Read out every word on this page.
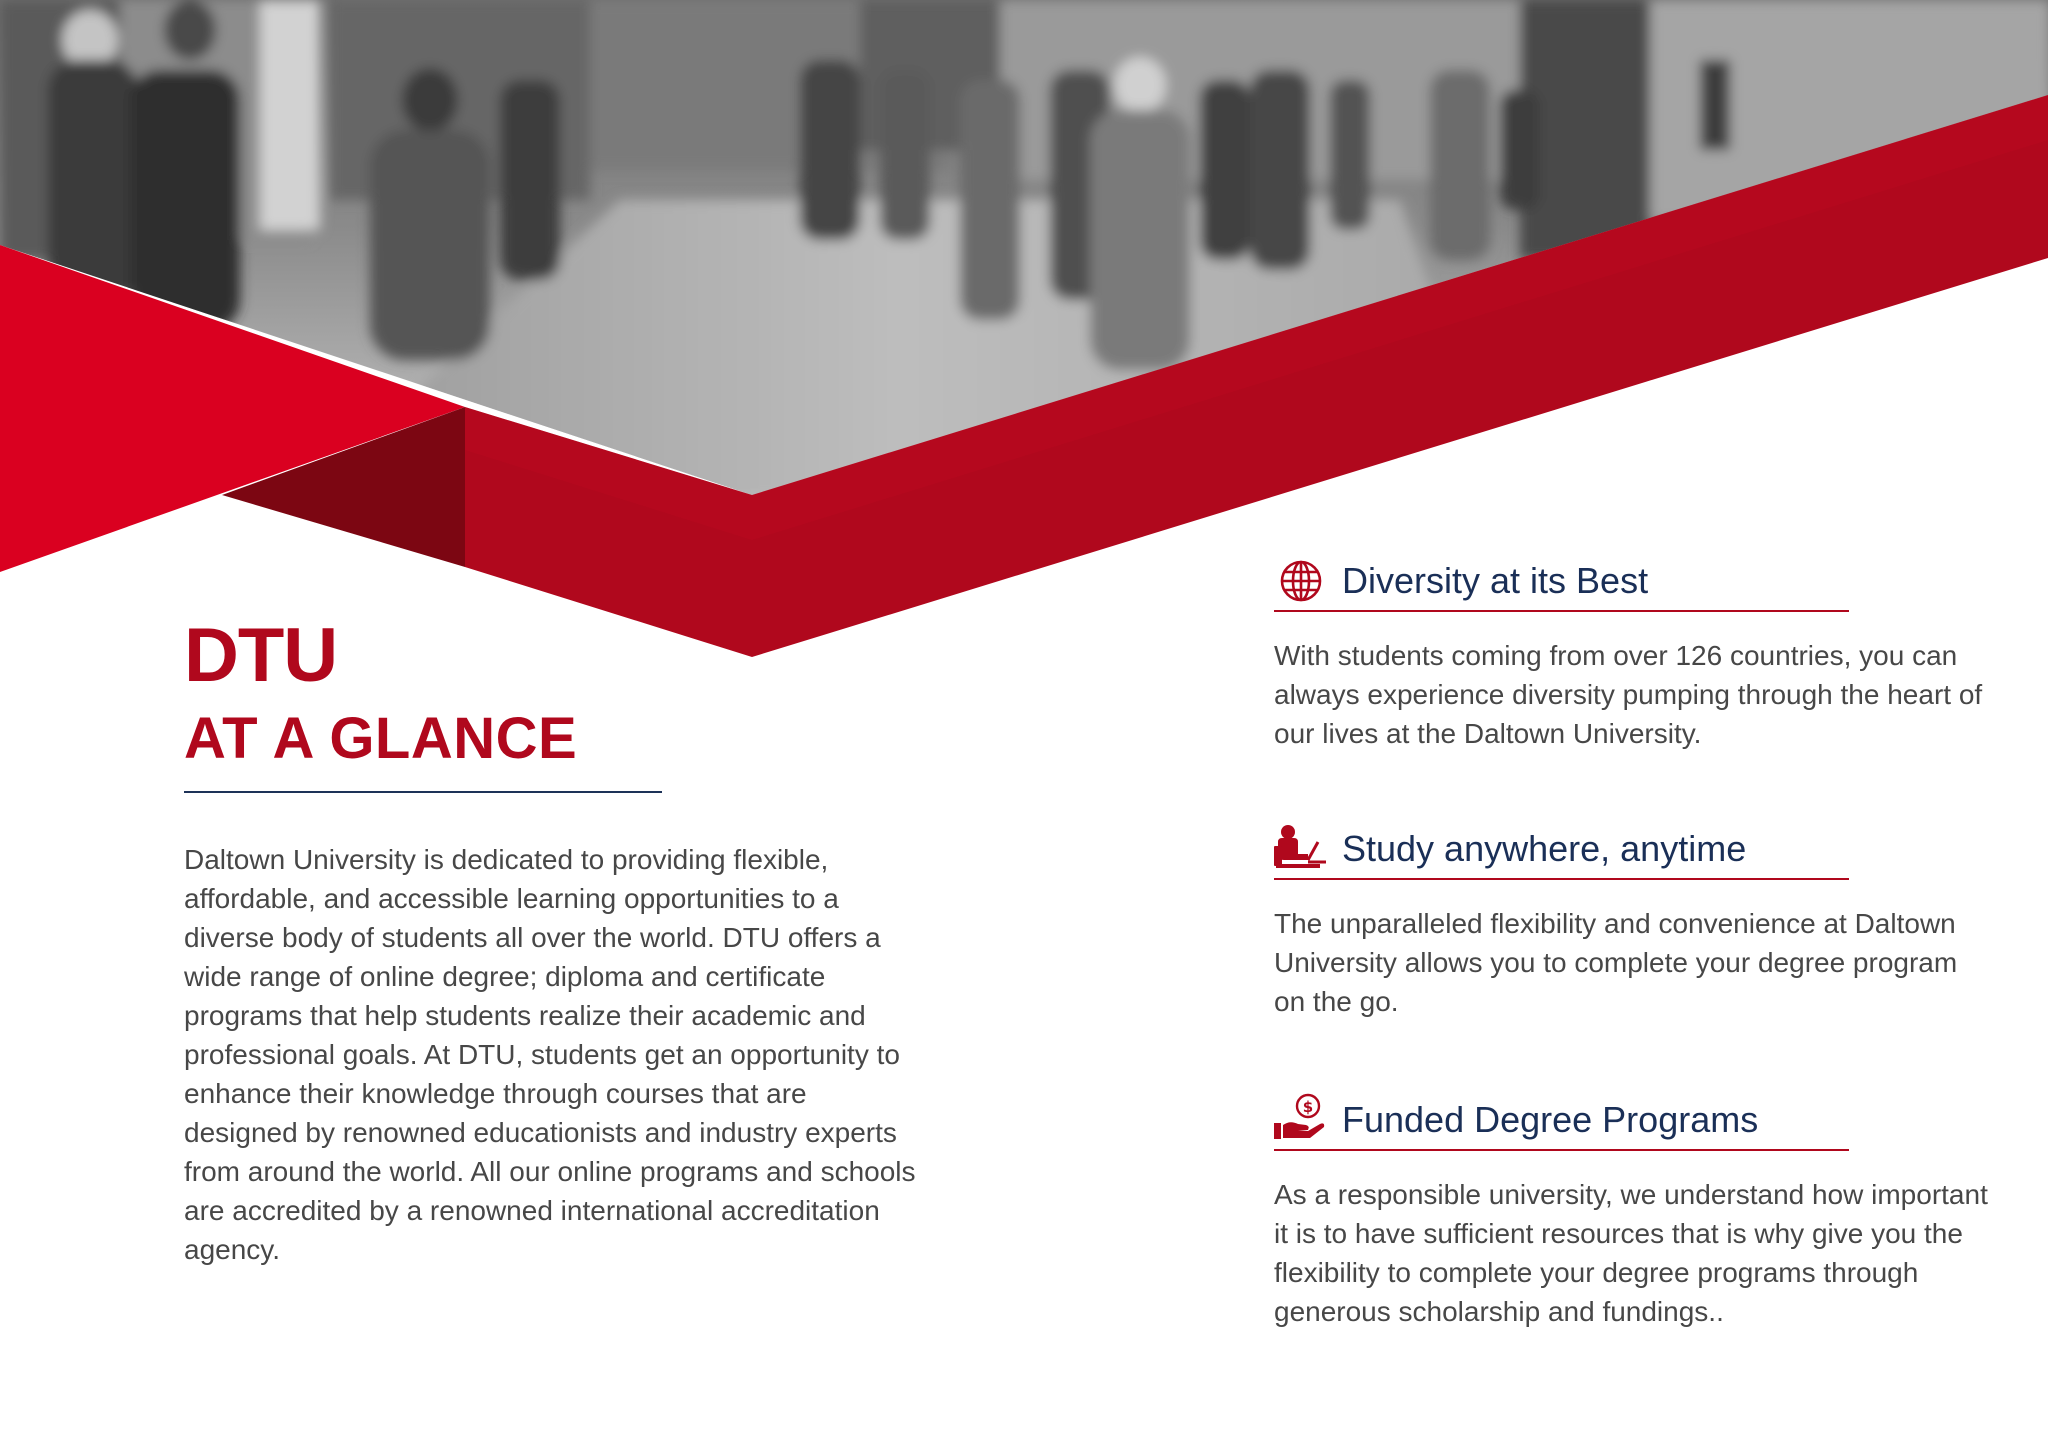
DTU
AT A GLANCE

Daltown University is dedicated to providing flexible, affordable, and accessible learning opportunities to a diverse body of students all over the world. DTU offers a wide range of online degree; diploma and certificate programs that help students realize their academic and professional goals. At DTU, students get an opportunity to enhance their knowledge through courses that are designed by renowned educationists and industry experts from around the world. All our online programs and schools are accredited by a renowned international accreditation agency.

Diversity at its Best

With students coming from over 126 countries, you can always experience diversity pumping through the heart of our lives at the Daltown University.

Study anywhere, anytime

The unparalleled flexibility and convenience at Daltown University allows you to complete your degree program on the go.

$ Funded Degree Programs

As a responsible university, we understand how important it is to have sufficient resources that is why give you the flexibility to complete your degree programs through generous scholarship and fundings..
